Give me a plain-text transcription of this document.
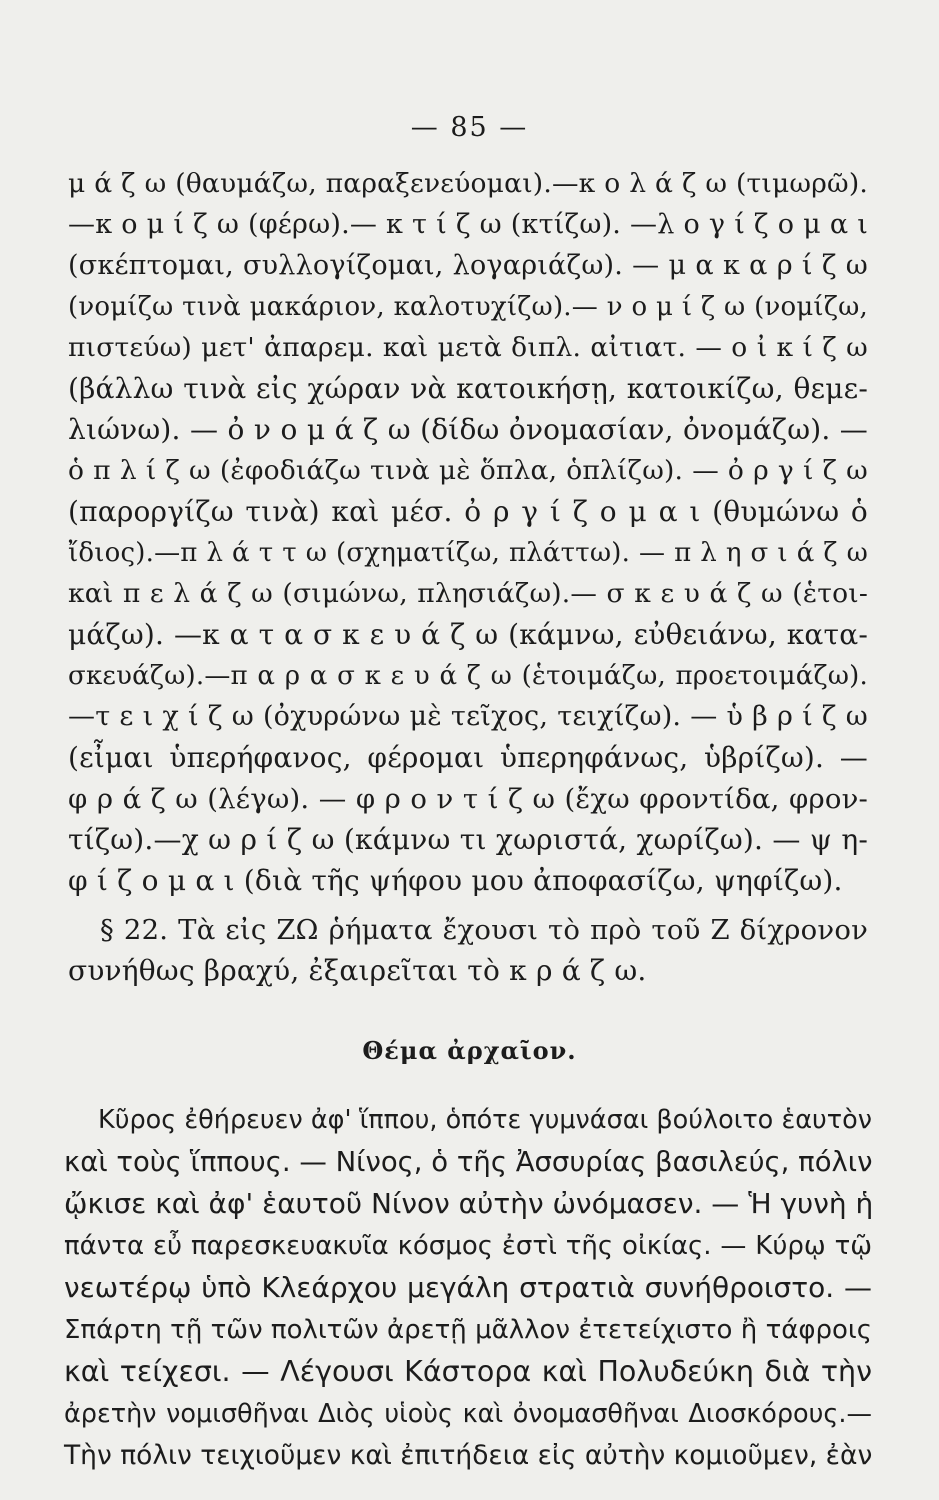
— 85 —
μ ά ζ ω (θαυμάζω, παραξενεύομαι).—κ ο λ ά ζ ω (τιμωρῶ).
—κ ο μ ί ζ ω (φέρω).— κ τ ί ζ ω (κτίζω). —λ ο γ ί ζ ο μ α ι
(σκέπτομαι, συλλογίζομαι, λογαριάζω). — μ α κ α ρ ί ζ ω
(νομίζω τινὰ μακάριον, καλοτυχίζω).— ν ο μ ί ζ ω (νομίζω,
πιστεύω) μετ' ἀπαρεμ. καὶ μετὰ διπλ. αἰτιατ. — ο ἰ κ ί ζ ω
(βάλλω τινὰ εἰς χώραν νὰ κατοικήσῃ, κατοικίζω, θεμε-
λιώνω). — ὀ ν ο μ ά ζ ω (δίδω ὀνομασίαν, ὀνομάζω). —
ὁ π λ ί ζ ω (ἐφοδιάζω τινὰ μὲ ὅπλα, ὁπλίζω). — ὀ ρ γ ί ζ ω
(παροργίζω τινὰ) καὶ μέσ. ὀ ρ γ ί ζ ο μ α ι (θυμώνω ὁ
ἴδιος).—π λ ά τ τ ω (σχηματίζω, πλάττω). — π λ η σ ι ά ζ ω
καὶ π ε λ ά ζ ω (σιμώνω, πλησιάζω).— σ κ ε υ ά ζ ω (ἑτοι-
μάζω). —κ α τ α σ κ ε υ ά ζ ω (κάμνω, εὐθειάνω, κατα-
σκευάζω).—π α ρ α σ κ ε υ ά ζ ω (ἑτοιμάζω, προετοιμάζω).
—τ ε ι χ ί ζ ω (ὀχυρώνω μὲ τεῖχος, τειχίζω). — ὑ β ρ ί ζ ω
(εἶμαι ὑπερήφανος, φέρομαι ὑπερηφάνως, ὑβρίζω). —
φ ρ ά ζ ω (λέγω). — φ ρ ο ν τ ί ζ ω (ἔχω φροντίδα, φρον-
τίζω).—χ ω ρ ί ζ ω (κάμνω τι χωριστά, χωρίζω). — ψ η-
φ ί ζ ο μ α ι (διὰ τῆς ψήφου μου ἀποφασίζω, ψηφίζω).
§ 22. Τὰ εἰς ΖΩ ῥήματα ἔχουσι τὸ πρὸ τοῦ Ζ δίχρονον
συνήθως βραχύ, ἐξαιρεῖται τὸ κ ρ ά ζ ω.
Θέμα ἀρχαῖον.
Κῦρος ἐθήρευεν ἀφ' ἵππου, ὁπότε γυμνάσαι βούλοιτο ἑαυτὸν
καὶ τοὺς ἵππους. — Νίνος, ὁ τῆς Ἀσσυρίας βασιλεύς, πόλιν
ᾤκισε καὶ ἀφ' ἑαυτοῦ Νίνον αὐτὴν ὠνόμασεν. — Ἡ γυνὴ ἡ
πάντα εὖ παρεσκευακυῖα κόσμος ἐστὶ τῆς οἰκίας. — Κύρῳ τῷ
νεωτέρῳ ὑπὸ Κλεάρχου μεγάλη στρατιὰ συνήθροιστο. —
Σπάρτη τῇ τῶν πολιτῶν ἀρετῇ μᾶλλον ἐτετείχιστο ἢ τάφροις
καὶ τείχεσι. — Λέγουσι Κάστορα καὶ Πολυδεύκη διὰ τὴν
ἀρετὴν νομισθῆναι Διὸς υἱοὺς καὶ ὀνομασθῆναι Διοσκόρους.—
Τὴν πόλιν τειχιοῦμεν καὶ ἐπιτήδεια εἰς αὐτὴν κομιοῦμεν, ἐὰν
